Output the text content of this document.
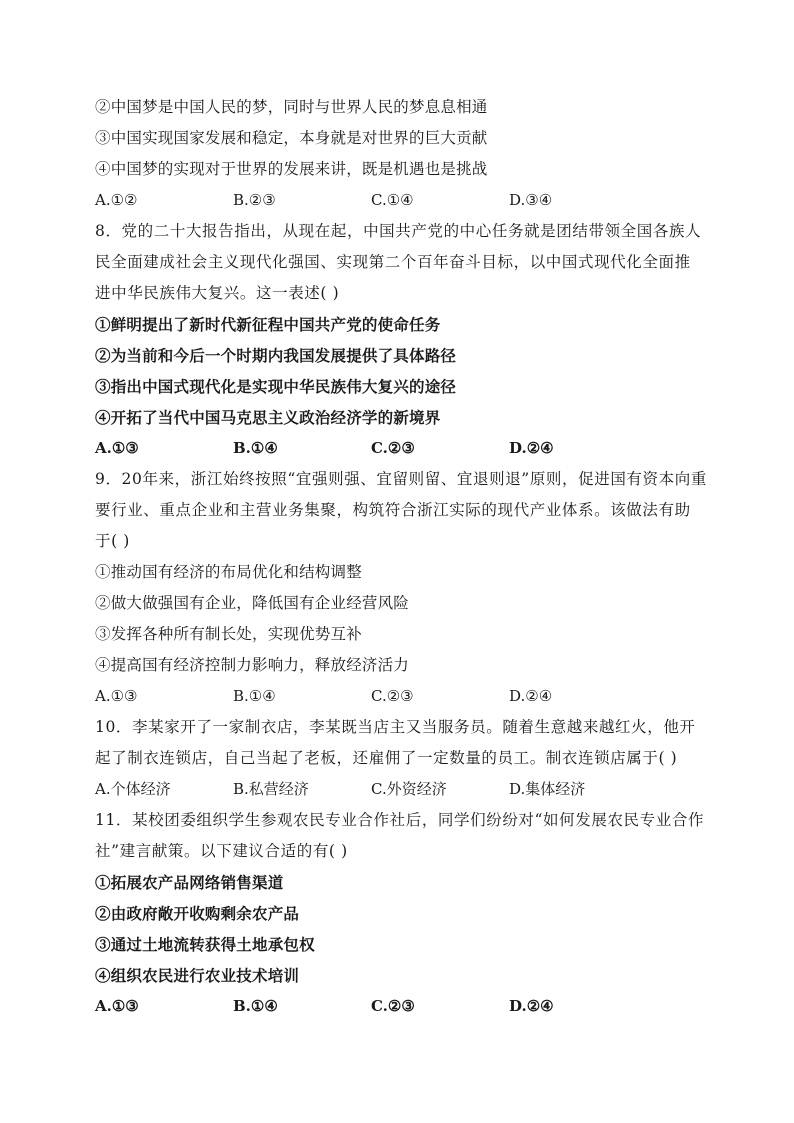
②中国梦是中国人民的梦，同时与世界人民的梦息息相通
③中国实现国家发展和稳定，本身就是对世界的巨大贡献
④中国梦的实现对于世界的发展来讲，既是机遇也是挑战
A.①②	B.②③	C.①④	D.③④
8．党的二十大报告指出，从现在起，中国共产党的中心任务就是团结带领全国各族人
民全面建成社会主义现代化强国、实现第二个百年奋斗目标，以中国式现代化全面推
进中华民族伟大复兴。这一表述( )
①鲜明提出了新时代新征程中国共产党的使命任务
②为当前和今后一个时期内我国发展提供了具体路径
③指出中国式现代化是实现中华民族伟大复兴的途径
④开拓了当代中国马克思主义政治经济学的新境界
A.①③	B.①④	C.②③	D.②④
9．20年来，浙江始终按照“宜强则强、宜留则留、宜退则退”原则，促进国有资本向重
要行业、重点企业和主营业务集聚，构筑符合浙江实际的现代产业体系。该做法有助
于( )
①推动国有经济的布局优化和结构调整
②做大做强国有企业，降低国有企业经营风险
③发挥各种所有制长处，实现优势互补
④提高国有经济控制力影响力，释放经济活力
A.①③	B.①④	C.②③	D.②④
10．李某家开了一家制衣店，李某既当店主又当服务员。随着生意越来越红火，他开
起了制衣连锁店，自己当起了老板，还雇佣了一定数量的员工。制衣连锁店属于( )
A.个体经济	B.私营经济	C.外资经济	D.集体经济
11．某校团委组织学生参观农民专业合作社后，同学们纷纷对“如何发展农民专业合作
社”建言献策。以下建议合适的有( )
①拓展农产品网络销售渠道
②由政府敞开收购剩余农产品
③通过土地流转获得土地承包权
④组织农民进行农业技术培训
A.①③	B.①④	C.②③	D.②④
